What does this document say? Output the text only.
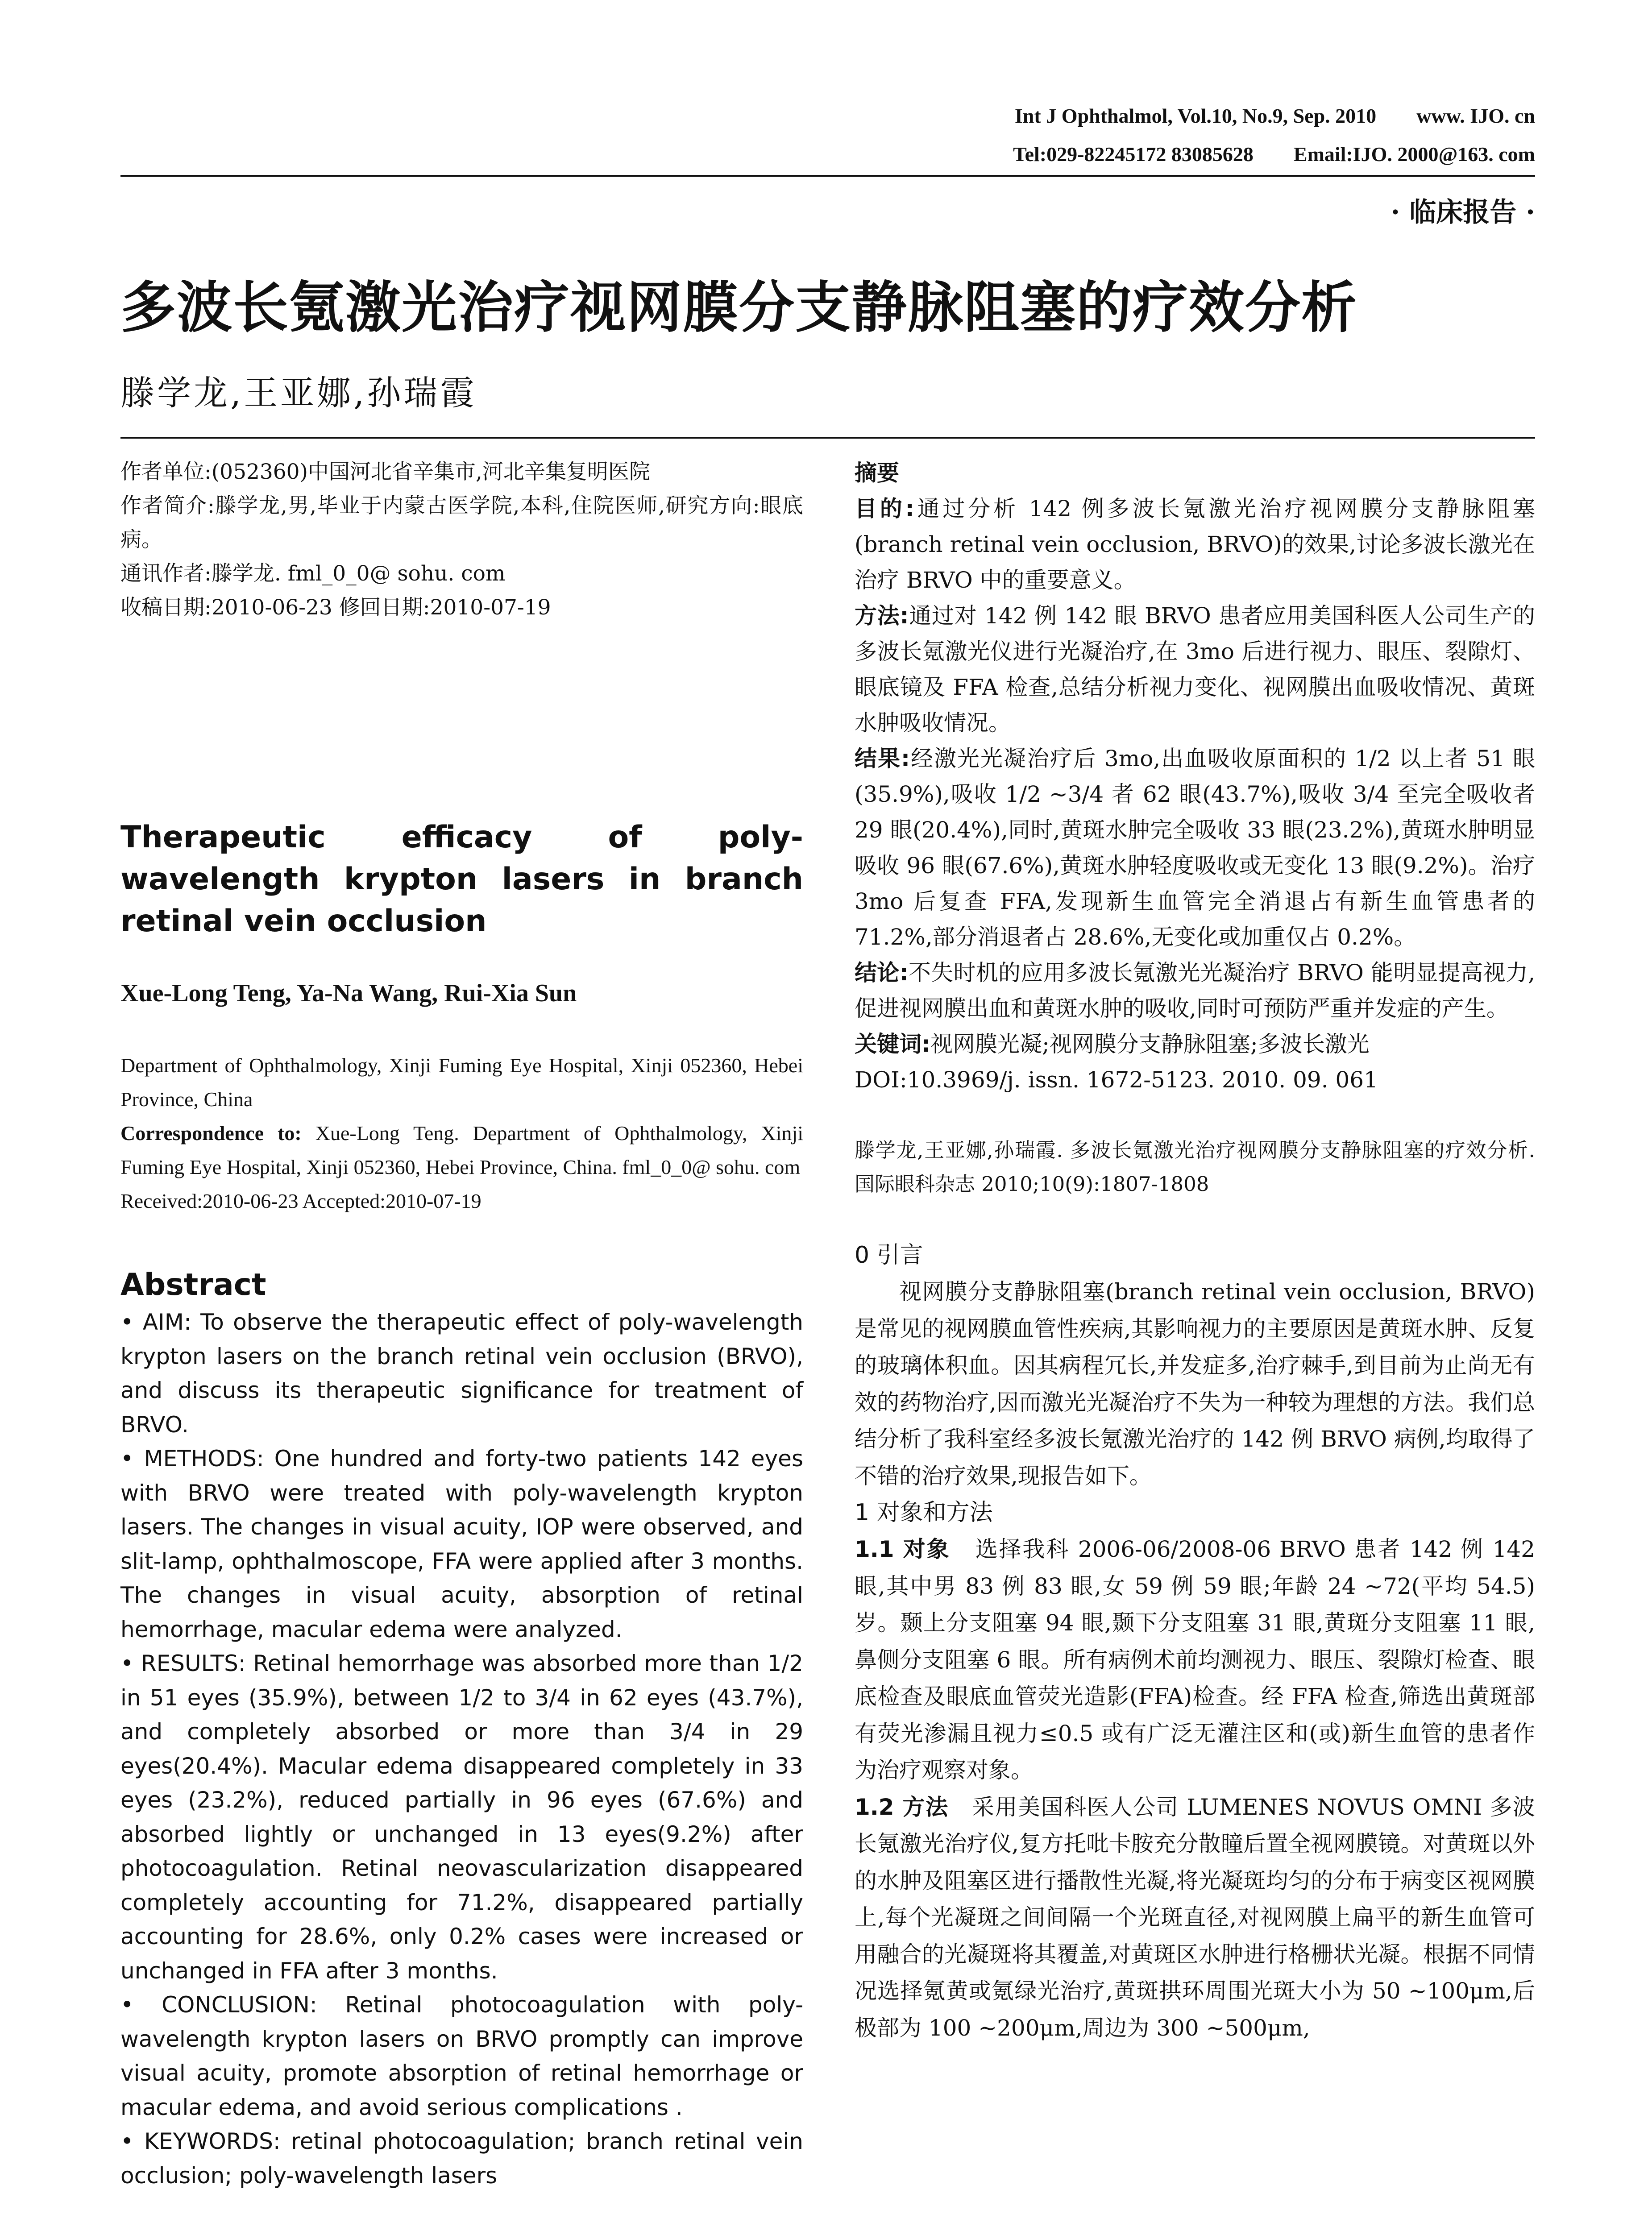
Int J Ophthalmol, Vol.10, No.9, Sep. 2010 www. IJO. cn
Tel:029-82245172 83085628 Email:IJO. 2000@163. com
· 临床报告 ·
多波长氪激光治疗视网膜分支静脉阻塞的疗效分析
滕学龙,王亚娜,孙瑞霞

作者单位:(052360)中国河北省辛集市,河北辛集复明医院

作者简介:滕学龙,男,毕业于内蒙古医学院,本科,住院医师,研究方向:眼底病。

通讯作者:滕学龙. fml_0_0@ sohu. com

收稿日期:2010-06-23 修回日期:2010-07-19

Therapeutic efficacy of poly-wavelength krypton lasers in branch retinal vein occlusion
Xue-Long Teng, Ya-Na Wang, Rui-Xia Sun
Department of Ophthalmology, Xinji Fuming Eye Hospital, Xinji 052360, Hebei Province, China
Correspondence to: Xue-Long Teng. Department of Ophthalmology, Xinji Fuming Eye Hospital, Xinji 052360, Hebei Province, China. fml_0_0@ sohu. com
Received:2010-06-23 Accepted:2010-07-19
Abstract

• AIM: To observe the therapeutic effect of poly-wavelength krypton lasers on the branch retinal vein occlusion (BRVO), and discuss its therapeutic significance for treatment of BRVO.

• METHODS: One hundred and forty-two patients 142 eyes with BRVO were treated with poly-wavelength krypton lasers. The changes in visual acuity, IOP were observed, and slit-lamp, ophthalmoscope, FFA were applied after 3 months. The changes in visual acuity, absorption of retinal hemorrhage, macular edema were analyzed.

• RESULTS: Retinal hemorrhage was absorbed more than 1/2 in 51 eyes (35.9%), between 1/2 to 3/4 in 62 eyes (43.7%), and completely absorbed or more than 3/4 in 29 eyes(20.4%). Macular edema disappeared completely in 33 eyes (23.2%), reduced partially in 96 eyes (67.6%) and absorbed lightly or unchanged in 13 eyes(9.2%) after photocoagulation. Retinal neovascularization disappeared completely accounting for 71.2%, disappeared partially accounting for 28.6%, only 0.2% cases were increased or unchanged in FFA after 3 months.

• CONCLUSION: Retinal photocoagulation with poly-wavelength krypton lasers on BRVO promptly can improve visual acuity, promote absorption of retinal hemorrhage or macular edema, and avoid serious complications .

• KEYWORDS: retinal photocoagulation; branch retinal vein occlusion; poly-wavelength lasers

摘要

目的:通过分析 142 例多波长氪激光治疗视网膜分支静脉阻塞(branch retinal vein occlusion, BRVO)的效果,讨论多波长激光在治疗 BRVO 中的重要意义。

方法:通过对 142 例 142 眼 BRVO 患者应用美国科医人公司生产的多波长氪激光仪进行光凝治疗,在 3mo 后进行视力、眼压、裂隙灯、眼底镜及 FFA 检查,总结分析视力变化、视网膜出血吸收情况、黄斑水肿吸收情况。

结果:经激光光凝治疗后 3mo,出血吸收原面积的 1/2 以上者 51 眼(35.9%),吸收 1/2 ~3/4 者 62 眼(43.7%),吸收 3/4 至完全吸收者 29 眼(20.4%),同时,黄斑水肿完全吸收 33 眼(23.2%),黄斑水肿明显吸收 96 眼(67.6%),黄斑水肿轻度吸收或无变化 13 眼(9.2%)。治疗 3mo 后复查 FFA,发现新生血管完全消退占有新生血管患者的 71.2%,部分消退者占 28.6%,无变化或加重仅占 0.2%。

结论:不失时机的应用多波长氪激光光凝治疗 BRVO 能明显提高视力,促进视网膜出血和黄斑水肿的吸收,同时可预防严重并发症的产生。

关键词:视网膜光凝;视网膜分支静脉阻塞;多波长激光

DOI:10.3969/j. issn. 1672-5123. 2010. 09. 061

滕学龙,王亚娜,孙瑞霞. 多波长氪激光治疗视网膜分支静脉阻塞的疗效分析. 国际眼科杂志 2010;10(9):1807-1808
0 引言

视网膜分支静脉阻塞(branch retinal vein occlusion, BRVO)是常见的视网膜血管性疾病,其影响视力的主要原因是黄斑水肿、反复的玻璃体积血。因其病程冗长,并发症多,治疗棘手,到目前为止尚无有效的药物治疗,因而激光光凝治疗不失为一种较为理想的方法。我们总结分析了我科室经多波长氪激光治疗的 142 例 BRVO 病例,均取得了不错的治疗效果,现报告如下。

1 对象和方法

1.1 对象 选择我科 2006-06/2008-06 BRVO 患者 142 例 142 眼,其中男 83 例 83 眼,女 59 例 59 眼;年龄 24 ~72(平均 54.5)岁。颞上分支阻塞 94 眼,颞下分支阻塞 31 眼,黄斑分支阻塞 11 眼,鼻侧分支阻塞 6 眼。所有病例术前均测视力、眼压、裂隙灯检查、眼底检查及眼底血管荧光造影(FFA)检查。经 FFA 检查,筛选出黄斑部有荧光渗漏且视力≤0.5 或有广泛无灌注区和(或)新生血管的患者作为治疗观察对象。

1.2 方法 采用美国科医人公司 LUMENES NOVUS OMNI 多波长氪激光治疗仪,复方托吡卡胺充分散瞳后置全视网膜镜。对黄斑以外的水肿及阻塞区进行播散性光凝,将光凝斑均匀的分布于病变区视网膜上,每个光凝斑之间间隔一个光斑直径,对视网膜上扁平的新生血管可用融合的光凝斑将其覆盖,对黄斑区水肿进行格栅状光凝。根据不同情况选择氪黄或氪绿光治疗,黄斑拱环周围光斑大小为 50 ~100μm,后极部为 100 ~200μm,周边为 300 ~500μm,
